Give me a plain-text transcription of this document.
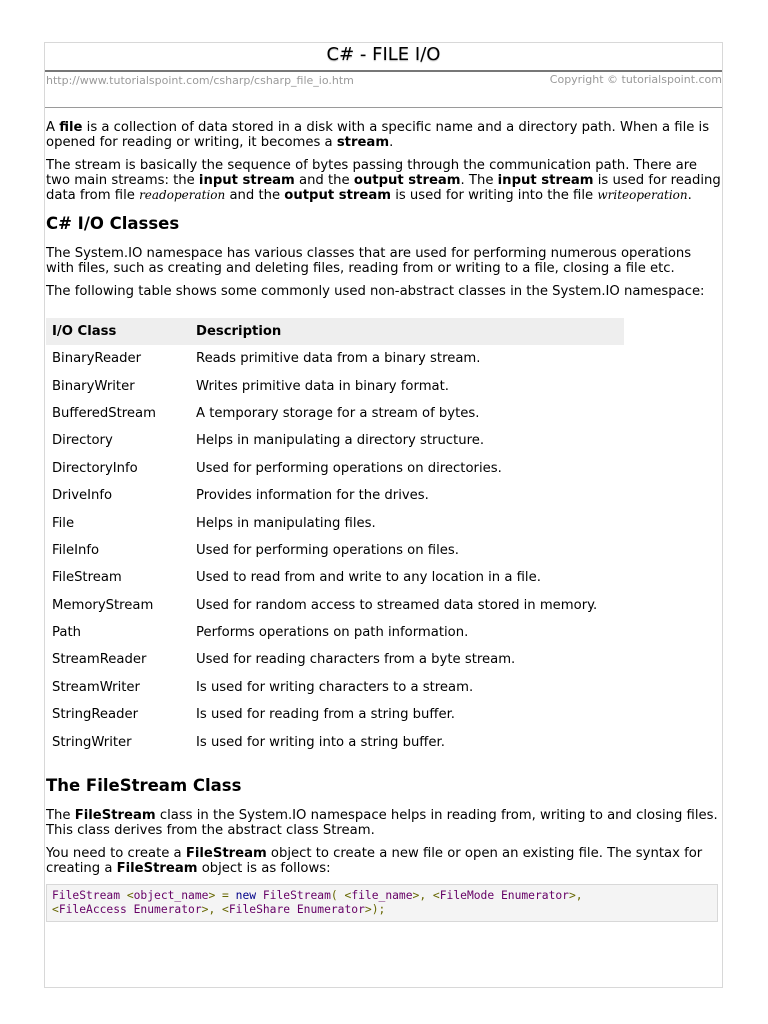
C# - FILE I/O
http://www.tutorialspoint.com/csharp/csharp_file_io.htm	Copyright © tutorialspoint.com

A file is a collection of data stored in a disk with a specific name and a directory path. When a file is opened for reading or writing, it becomes a stream.

The stream is basically the sequence of bytes passing through the communication path. There are two main streams: the input stream and the output stream. The input stream is used for reading data from file readoperation and the output stream is used for writing into the file writeoperation.

C# I/O Classes

The System.IO namespace has various classes that are used for performing numerous operations with files, such as creating and deleting files, reading from or writing to a file, closing a file etc.

The following table shows some commonly used non-abstract classes in the System.IO namespace:

I/O Class	Description
BinaryReader	Reads primitive data from a binary stream.
BinaryWriter	Writes primitive data in binary format.
BufferedStream	A temporary storage for a stream of bytes.
Directory	Helps in manipulating a directory structure.
DirectoryInfo	Used for performing operations on directories.
DriveInfo	Provides information for the drives.
File	Helps in manipulating files.
FileInfo	Used for performing operations on files.
FileStream	Used to read from and write to any location in a file.
MemoryStream	Used for random access to streamed data stored in memory.
Path	Performs operations on path information.
StreamReader	Used for reading characters from a byte stream.
StreamWriter	Is used for writing characters to a stream.
StringReader	Is used for reading from a string buffer.
StringWriter	Is used for writing into a string buffer.
The FileStream Class

The FileStream class in the System.IO namespace helps in reading from, writing to and closing files. This class derives from the abstract class Stream.

You need to create a FileStream object to create a new file or open an existing file. The syntax for creating a FileStream object is as follows:

FileStream <object_name> = new FileStream( <file_name>, <FileMode Enumerator>,
<FileAccess Enumerator>, <FileShare Enumerator>);
